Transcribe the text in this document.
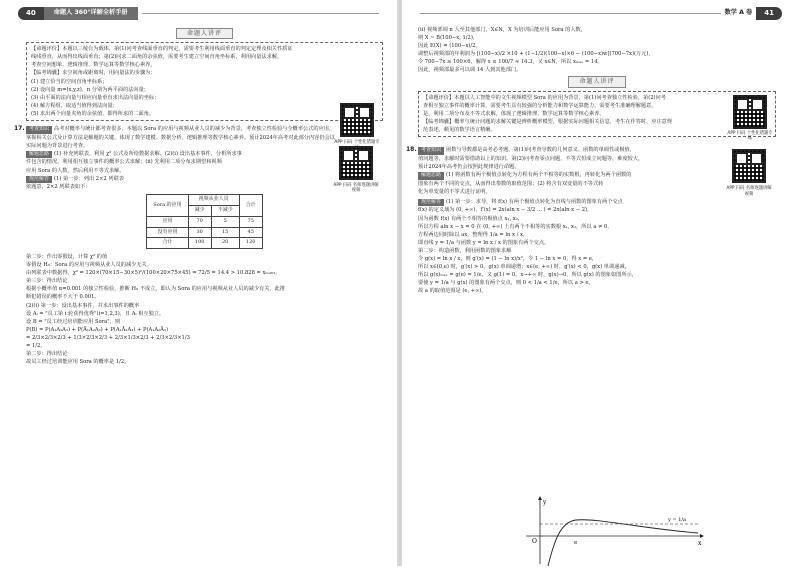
40	命题人 360°详解全析手册
命题人讲评

【命题评价】本题以三棱台为载体，第(1)问考查线面垂直的判定，需要考生利用线面垂直的判定定理及相关性质证

线线垂直，从而得出线面垂直；第(2)问求二面角的余弦值，需要考生建立空间直角坐标系，利用向量法求解。

考查空间想象、逻辑推理、数学运算等数学核心素养。

【临考锦囊】求空间角或距离时，用向量法的步骤为：

(1) 建立恰当的空间直角坐标系；

(2) 设向量 m=(x,y,z)，n 分别为两平面的法向量；

(3) 由平面的法向量与相应向量垂直求出法向量的坐标；

(4) 解方程组，取适当值得到法向量；

(5) 求出两个向量夹角的余弦值，即得所求的二面角。

APP 扫码 个性化错题专

17. 考查知识 高考对概率与统计都考查很多，本题以 Sora 的应用与视频从业人员的减少为背景，考查独立性检验与全概率公式的应用，

掌握相关公式及计算方法是解题的关键。体现了数学建模、数据分析、逻辑推理等数学核心素养。预计2024年高考对此部分内容仍会以

实际问题为背景进行考查。

解题思路 (1) 补充列联表，利用 χ² 公式及所给数据求解。(2)(i) 设出基本事件，分析所求事

件包含的情况，利用相互独立事件的概率公式求解；(ii) 先利用二项分布求期望和视频

应用 Sora 的人数，然后利用不等式求解。

规范解答 (1) 第一步：列出 2×2 列联表

依题意，2×2 列联表如下：	APP 扫码 名师逐题讲解视频
Sora 的应用	视频从业人员		合计
	减少	不减少	
应用	70	5	75
没有应用	30	15	45
合计	100	20	120

第二步：作出零假设，计算 χ² 的值

零假设 H₀：Sora 的应用与视频从业人员的减少无关。

由列联表中数据得，χ² = 120×(70×15−30×5)²/(100×20×75×45) = 72/5 = 14.4 > 10.828 = x₀.₀₀₁，

第三步：得出结论

根据小概率值 α=0.001 的独立性检验，推断 H₀ 不成立，即认为 Sora 的应用与视频从业人员的减少有关，此推

断犯错误的概率不大于 0.001。

(2)(i) 第一步：设出基本事件，并求出事件的概率

设 Aᵢ = "员工第 i 轮获得优秀"(i=1,2,3)，且 Aᵢ 相互独立。

设 B = "员工经过培训能应用 Sora"，则

P(B) = P(A₁A₂A₃) + P(Ā₁A₂A₃) + P(A₁Ā₂A₃) + P(A₁A₂Ā₃)

= 2/3×2/3×2/3 + 1/3×2/3×2/3 + 2/3×1/3×2/3 + 2/3×2/3×1/3

= 1/2。

第二步：得出结论

故员工经过培训能应用 Sora 的概率是 1/2。

数学 A 卷	41

(ii) 视频部调 n 人至其他部门，X∈N，X 为培训后能应用 Sora 的人数，

则 X ~ B(100−x, 1/2)，

因此 E(X) = (100−x)/2。

调整后视频部的年利润为 [(100−x)/2 ×10 + (1−1/2)(100−x)×6 − (100−x)w](700−7x)(万元)，

令 700−7x ≥ 100×6，解得 x ≤ 100/7 ≈ 14.3，又 x∈N，所以 xₘₐₓ = 14。

因此，视频部最多可以调 14 人到其他部门。

命题人讲评

【命题评价】本题以人工智能中的文生视频模型 Sora 的应用为背景，第(1)问考查独立性检验，第(2)问考

查相互独立事件的概率计算，需要考生具有较强的分析能力和数学运算能力，需要考生准确理解题意，

是，利用二项分布及不等式求解，体现了逻辑推理、数学运算等数学核心素养。

【临考锦囊】概率与统计问题的求解关键是辨析概率模型，根据实际问题相关信息，考生在作答时，应注意规

范表述，颇见的数学语言精确。

APP 扫码 个性化错题专练

18. 考查知识 函数与导数都是高考必考题，第(1)问考查导数的几何意义、函数的单调性或极值，

值问题等，求解时需要借助以上的知识。第(2)问考查零点问题，不等式恒成立问题等，难度较大，

预计2024年高考仍会按照此规律进行命题。

解题思路 (1) 将函数有两个极值点转化为方程有两个不相等的实数根，再转化为两个函数的

图象有两个不同的交点，从而得出参数的取值范围；(2) 将含有双变量的不等式转

化为单变量的不等式进行证明。

APP 扫码 名师逐题讲解视频

规范解答 (1) 第一步：求导，将 f(x) 有两个极值点转化为直线与函数的图象有两个交点

f(x) 的定义域为 (0, +∞)，f′(x) = 2x(aln x − 3/2 ... ) = 2x(aln x − 2)，

因为函数 f(x) 有两个不相等的极值点 x₁, x₂，

所以方程 aln x − x = 0 在 (0, +∞) 上有两个不相等的实数根 x₁, x₂，所以 a ≠ 0，

方程两边同时除以 ax，整理得 1/a = ln x / x，

即直线 y = 1/a 与函数 y = ln x / x 的图象有两个交点。

第二步：构造函数，利用函数的图象求解

令 g(x) = ln x / x，则 g′(x) = (1 − ln x)/x²，令 1 − ln x = 0，得 x = e，

所以 x∈(0,e) 时，g′(x) > 0，g(x) 单调递增；x∈(e, +∞) 时，g′(x) < 0，g(x) 单调递减，

所以 g(x)ₘₐₓ = g(e) = 1/e，又 g(1) = 0，x→+∞ 时，g(x)→0，所以 g(x) 的图象如图所示，

要使 y = 1/a 与 g(x) 的图象有两个交点，则 0 < 1/a < 1/e，所以 a > e，

故 a 的取值范围是 (e, +∞)。

y
x
O	e
y = 1/a
